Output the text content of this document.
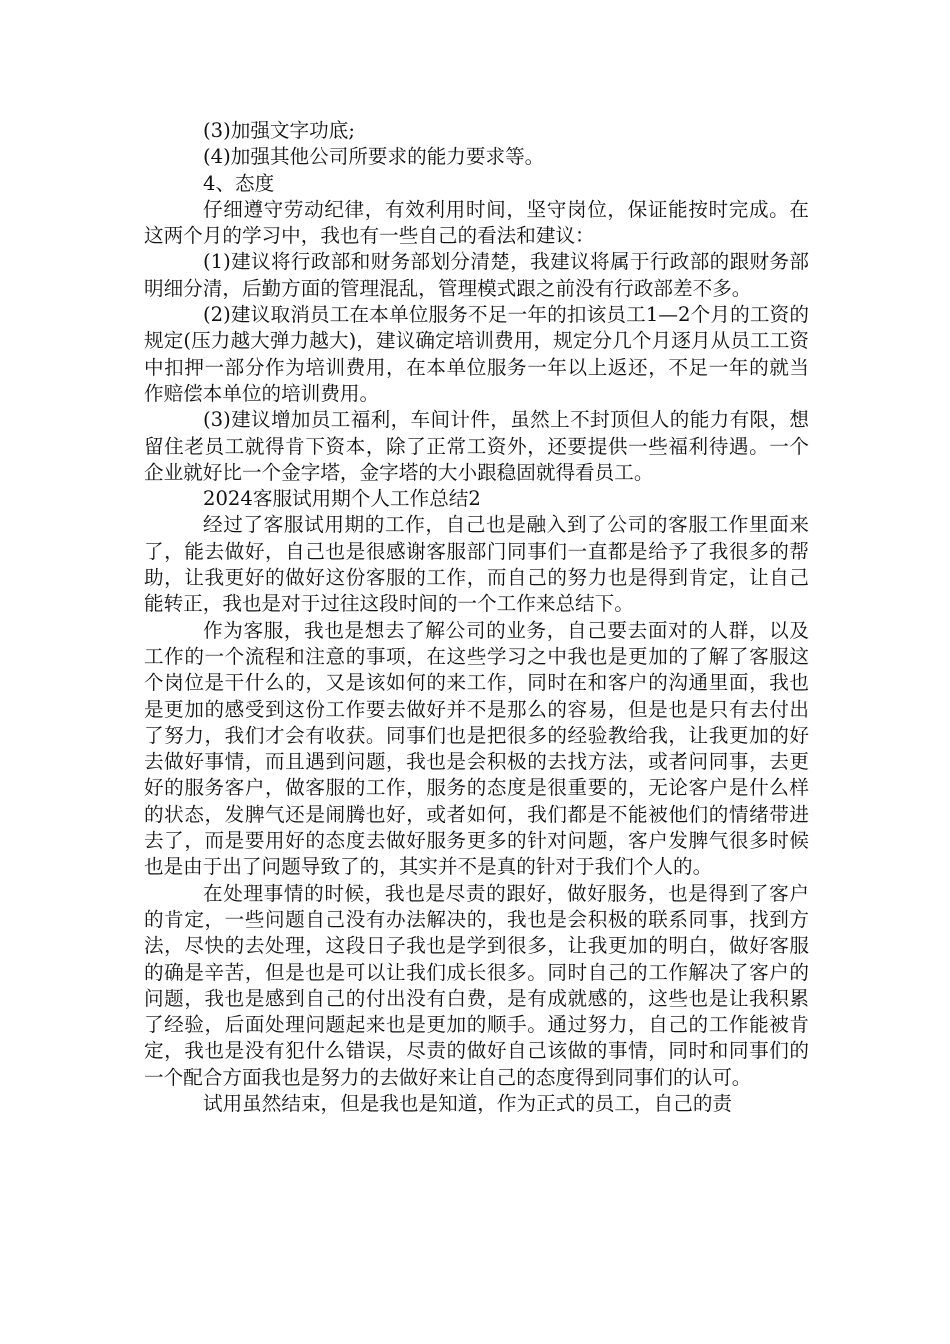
(3)加强文字功底;

(4)加强其他公司所要求的能力要求等。

4、态度

仔细遵守劳动纪律，有效利用时间，坚守岗位，保证能按时完成。在这两个月的学习中，我也有一些自己的看法和建议：

(1)建议将行政部和财务部划分清楚，我建议将属于行政部的跟财务部明细分清，后勤方面的管理混乱，管理模式跟之前没有行政部差不多。

(2)建议取消员工在本单位服务不足一年的扣该员工1—2个月的工资的规定(压力越大弹力越大)，建议确定培训费用，规定分几个月逐月从员工工资中扣押一部分作为培训费用，在本单位服务一年以上返还，不足一年的就当作赔偿本单位的培训费用。

(3)建议增加员工福利，车间计件，虽然上不封顶但人的能力有限，想留住老员工就得肯下资本，除了正常工资外，还要提供一些福利待遇。一个企业就好比一个金字塔，金字塔的大小跟稳固就得看员工。

2024客服试用期个人工作总结2

经过了客服试用期的工作，自己也是融入到了公司的客服工作里面来了，能去做好，自己也是很感谢客服部门同事们一直都是给予了我很多的帮助，让我更好的做好这份客服的工作，而自己的努力也是得到肯定，让自己能转正，我也是对于过往这段时间的一个工作来总结下。

作为客服，我也是想去了解公司的业务，自己要去面对的人群，以及工作的一个流程和注意的事项，在这些学习之中我也是更加的了解了客服这个岗位是干什么的，又是该如何的来工作，同时在和客户的沟通里面，我也是更加的感受到这份工作要去做好并不是那么的容易，但是也是只有去付出了努力，我们才会有收获。同事们也是把很多的经验教给我，让我更加的好去做好事情，而且遇到问题，我也是会积极的去找方法，或者问同事，去更好的服务客户，做客服的工作，服务的态度是很重要的，无论客户是什么样的状态，发脾气还是闹腾也好，或者如何，我们都是不能被他们的情绪带进去了，而是要用好的态度去做好服务更多的针对问题，客户发脾气很多时候也是由于出了问题导致了的，其实并不是真的针对于我们个人的。

在处理事情的时候，我也是尽责的跟好，做好服务，也是得到了客户的肯定，一些问题自己没有办法解决的，我也是会积极的联系同事，找到方法，尽快的去处理，这段日子我也是学到很多，让我更加的明白，做好客服的确是辛苦，但是也是可以让我们成长很多。同时自己的工作解决了客户的问题，我也是感到自己的付出没有白费，是有成就感的，这些也是让我积累了经验，后面处理问题起来也是更加的顺手。通过努力，自己的工作能被肯定，我也是没有犯什么错误，尽责的做好自己该做的事情，同时和同事们的一个配合方面我也是努力的去做好来让自己的态度得到同事们的认可。

试用虽然结束，但是我也是知道，作为正式的员工，自己的责
